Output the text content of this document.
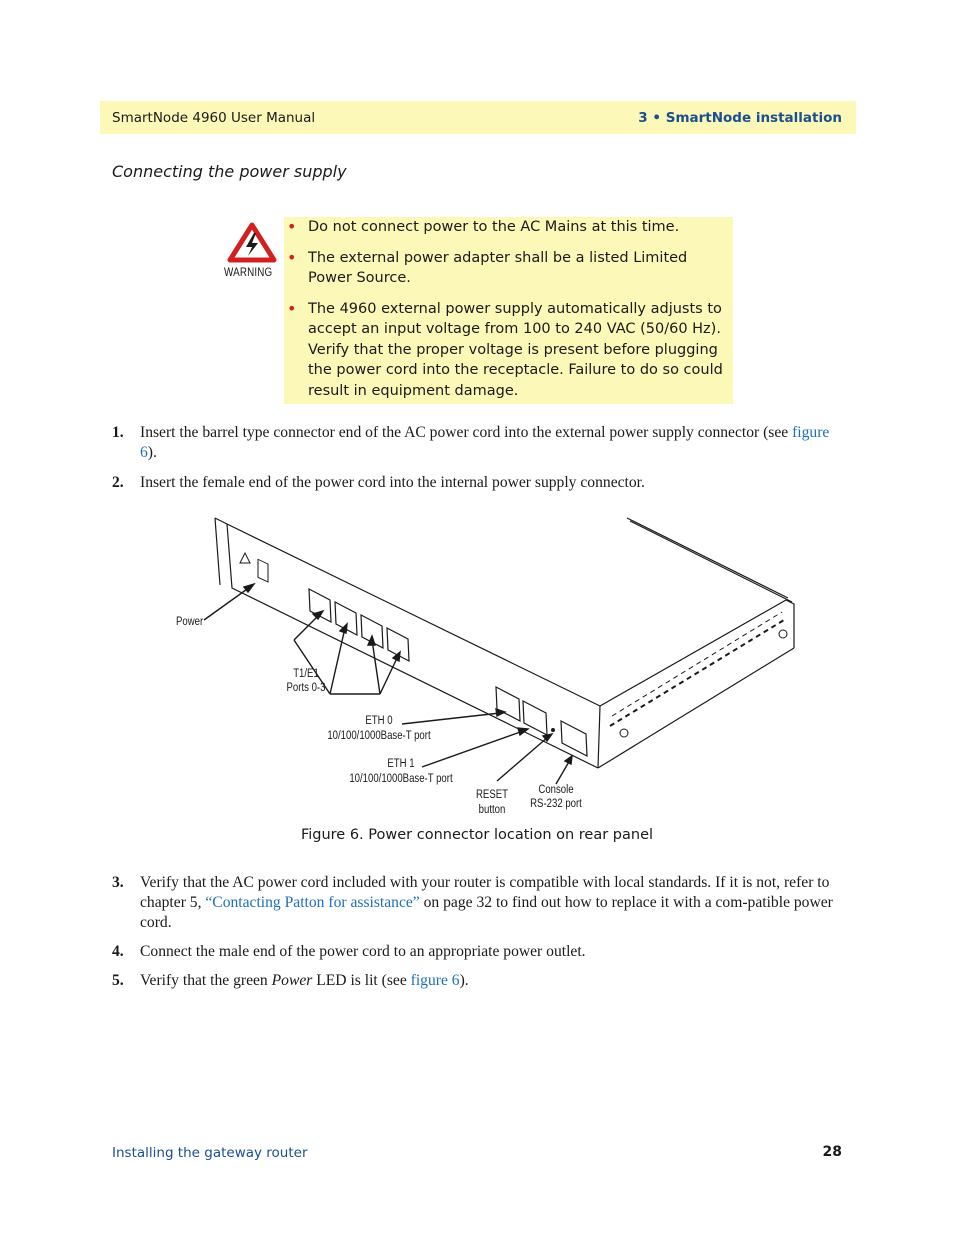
SmartNode 4960 User Manual	3 • SmartNode installation
Connecting the power supply
WARNING
• Do not connect power to the AC Mains at this time.
• The external power adapter shall be a listed Limited Power Source.
• The 4960 external power supply automatically adjusts to accept an input voltage from 100 to 240 VAC (50/60 Hz). Verify that the proper voltage is present before plugging the power cord into the receptacle. Failure to do so could result in equipment damage.
1. Insert the barrel type connector end of the AC power cord into the external power supply connector (see figure 6).
2. Insert the female end of the power cord into the internal power supply connector.
Power
T1/E1
Ports 0-3
ETH 0
10/100/1000Base-T port
ETH 1
10/100/1000Base-T port
RESET
button
Console
RS-232 port
Figure 6. Power connector location on rear panel
3. Verify that the AC power cord included with your router is compatible with local standards. If it is not, refer to chapter 5, “Contacting Patton for assistance” on page 32 to find out how to replace it with a com-patible power cord.
4. Connect the male end of the power cord to an appropriate power outlet.
5. Verify that the green Power LED is lit (see figure 6).
Installing the gateway router	28
